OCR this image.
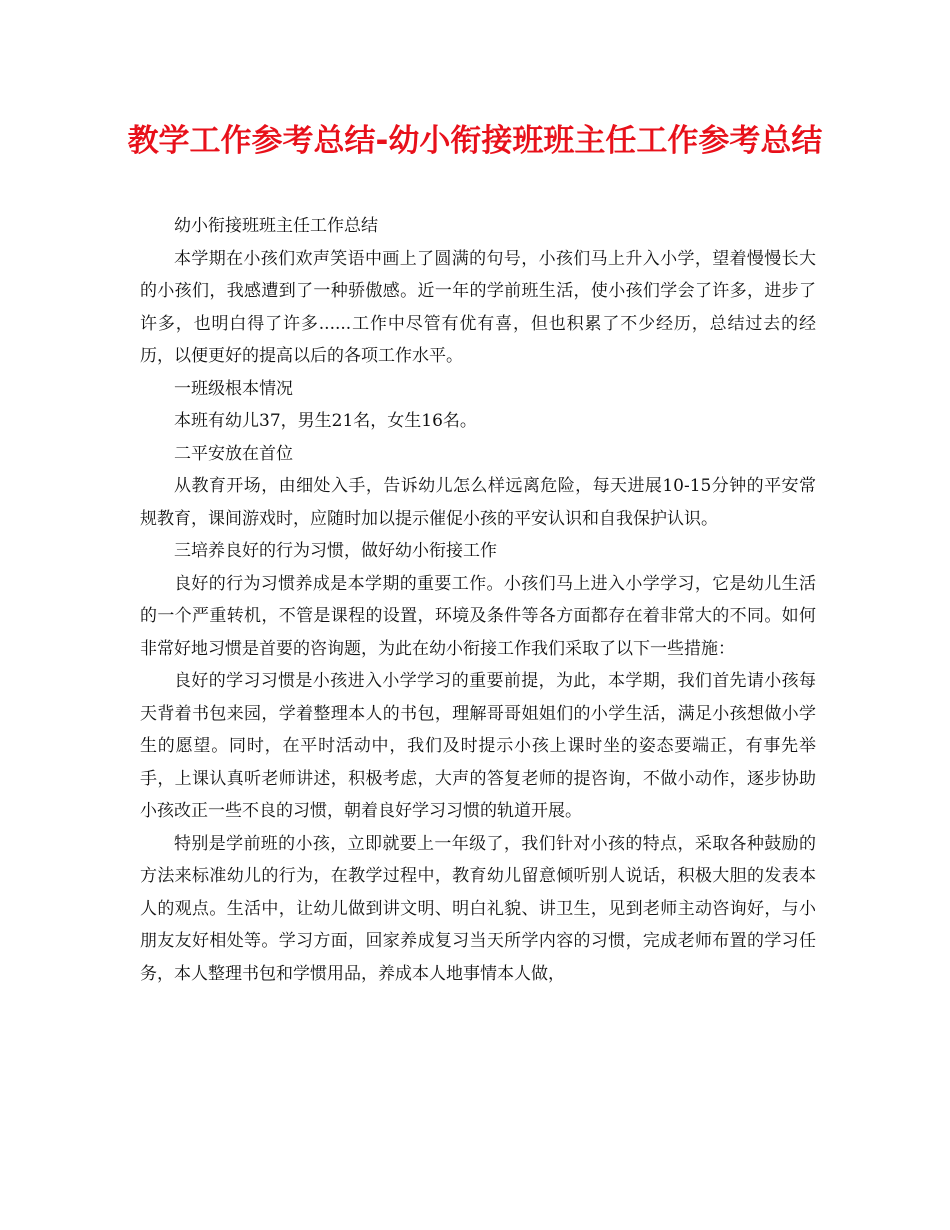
教学工作参考总结-幼小衔接班班主任工作参考总结

幼小衔接班班主任工作总结

本学期在小孩们欢声笑语中画上了圆满的句号，小孩们马上升入小学，望着慢慢长大的小孩们，我感遭到了一种骄傲感。近一年的学前班生活，使小孩们学会了许多，进步了许多，也明白得了许多......工作中尽管有优有喜，但也积累了不少经历，总结过去的经历，以便更好的提高以后的各项工作水平。

一班级根本情况

本班有幼儿37，男生21名，女生16名。

二平安放在首位

从教育开场，由细处入手，告诉幼儿怎么样远离危险，每天进展10-15分钟的平安常规教育，课间游戏时，应随时加以提示催促小孩的平安认识和自我保护认识。

三培养良好的行为习惯，做好幼小衔接工作

良好的行为习惯养成是本学期的重要工作。小孩们马上进入小学学习，它是幼儿生活的一个严重转机，不管是课程的设置，环境及条件等各方面都存在着非常大的不同。如何非常好地习惯是首要的咨询题，为此在幼小衔接工作我们采取了以下一些措施：

良好的学习习惯是小孩进入小学学习的重要前提，为此，本学期，我们首先请小孩每天背着书包来园，学着整理本人的书包，理解哥哥姐姐们的小学生活，满足小孩想做小学生的愿望。同时，在平时活动中，我们及时提示小孩上课时坐的姿态要端正，有事先举手，上课认真听老师讲述，积极考虑，大声的答复老师的提咨询，不做小动作，逐步协助小孩改正一些不良的习惯，朝着良好学习习惯的轨道开展。

特别是学前班的小孩，立即就要上一年级了，我们针对小孩的特点，采取各种鼓励的方法来标准幼儿的行为，在教学过程中，教育幼儿留意倾听别人说话，积极大胆的发表本人的观点。生活中，让幼儿做到讲文明、明白礼貌、讲卫生，见到老师主动咨询好，与小朋友友好相处等。学习方面，回家养成复习当天所学内容的习惯，完成老师布置的学习任务，本人整理书包和学惯用品，养成本人地事情本人做，
